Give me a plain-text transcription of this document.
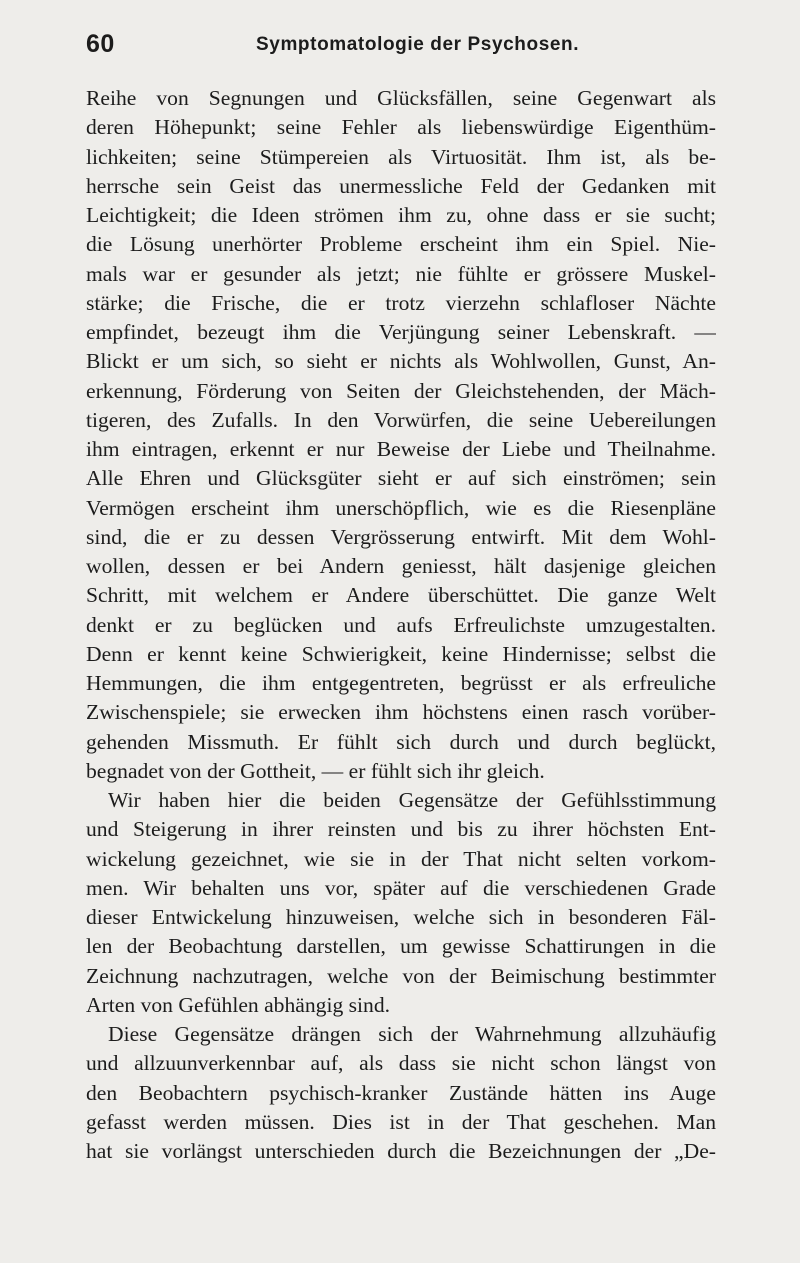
60	Symptomatologie der Psychosen.
Reihe von Segnungen und Glücksfällen, seine Gegenwart als
deren Höhepunkt; seine Fehler als liebenswürdige Eigenthüm-
lichkeiten; seine Stümpereien als Virtuosität. Ihm ist, als be-
herrsche sein Geist das unermessliche Feld der Gedanken mit
Leichtigkeit; die Ideen strömen ihm zu, ohne dass er sie sucht;
die Lösung unerhörter Probleme erscheint ihm ein Spiel. Nie-
mals war er gesunder als jetzt; nie fühlte er grössere Muskel-
stärke; die Frische, die er trotz vierzehn schlafloser Nächte
empfindet, bezeugt ihm die Verjüngung seiner Lebenskraft. —
Blickt er um sich, so sieht er nichts als Wohlwollen, Gunst, An-
erkennung, Förderung von Seiten der Gleichstehenden, der Mäch-
tigeren, des Zufalls. In den Vorwürfen, die seine Uebereilungen
ihm eintragen, erkennt er nur Beweise der Liebe und Theilnahme.
Alle Ehren und Glücksgüter sieht er auf sich einströmen; sein
Vermögen erscheint ihm unerschöpflich, wie es die Riesenpläne
sind, die er zu dessen Vergrösserung entwirft. Mit dem Wohl-
wollen, dessen er bei Andern geniesst, hält dasjenige gleichen
Schritt, mit welchem er Andere überschüttet. Die ganze Welt
denkt er zu beglücken und aufs Erfreulichste umzugestalten.
Denn er kennt keine Schwierigkeit, keine Hindernisse; selbst die
Hemmungen, die ihm entgegentreten, begrüsst er als erfreuliche
Zwischenspiele; sie erwecken ihm höchstens einen rasch vorüber-
gehenden Missmuth. Er fühlt sich durch und durch beglückt,
begnadet von der Gottheit, — er fühlt sich ihr gleich.
Wir haben hier die beiden Gegensätze der Gefühlsstimmung
und Steigerung in ihrer reinsten und bis zu ihrer höchsten Ent-
wickelung gezeichnet, wie sie in der That nicht selten vorkom-
men. Wir behalten uns vor, später auf die verschiedenen Grade
dieser Entwickelung hinzuweisen, welche sich in besonderen Fäl-
len der Beobachtung darstellen, um gewisse Schattirungen in die
Zeichnung nachzutragen, welche von der Beimischung bestimmter
Arten von Gefühlen abhängig sind.
Diese Gegensätze drängen sich der Wahrnehmung allzuhäufig
und allzuunverkennbar auf, als dass sie nicht schon längst von
den Beobachtern psychisch-kranker Zustände hätten ins Auge
gefasst werden müssen. Dies ist in der That geschehen. Man
hat sie vorlängst unterschieden durch die Bezeichnungen der „De-
